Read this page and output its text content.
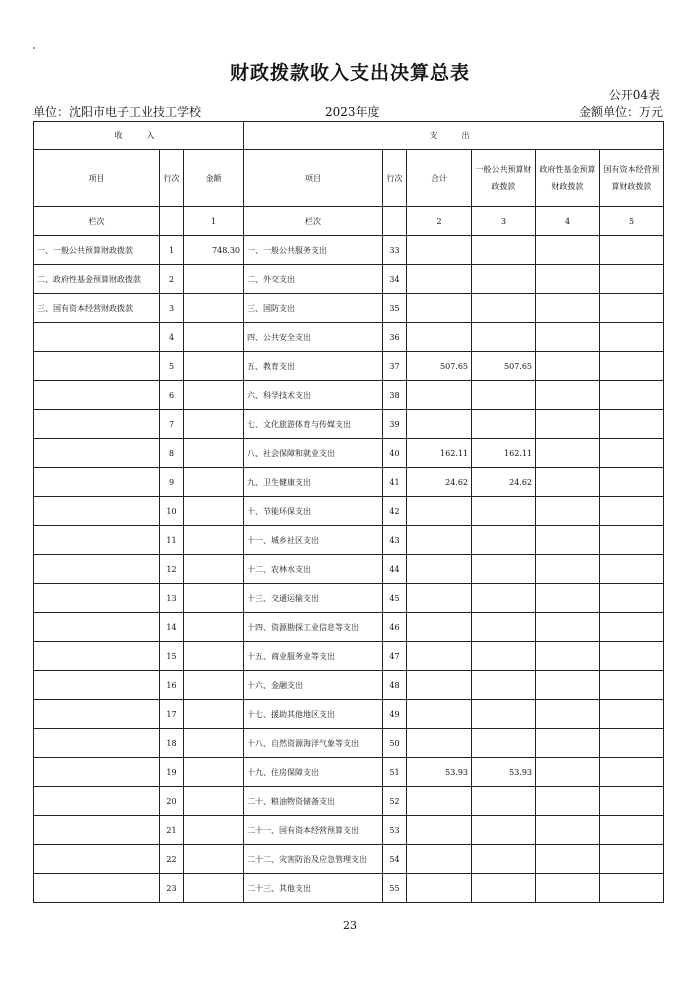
财政拨款收入支出决算总表
公开04表
单位：沈阳市电子工业技工学校	2023年度	金额单位：万元
收　入			支　出					
项目	行次	金额	项目	行次	合计	一般公共预算财政拨款	政府性基金预算财政拨款	国有资本经营预算财政拨款
栏次		1	栏次		2	3	4	5
一、一般公共预算财政拨款	1	748.30	一、一般公共服务支出	33				
二、政府性基金预算财政拨款	2		二、外交支出	34				
三、国有资本经营财政拨款	3		三、国防支出	35				
	4		四、公共安全支出	36				
	5		五、教育支出	37	507.65	507.65		
	6		六、科学技术支出	38				
	7		七、文化旅游体育与传媒支出	39				
	8		八、社会保障和就业支出	40	162.11	162.11		
	9		九、卫生健康支出	41	24.62	24.62		
	10		十、节能环保支出	42				
	11		十一、城乡社区支出	43				
	12		十二、农林水支出	44				
	13		十三、交通运输支出	45				
	14		十四、资源勘探工业信息等支出	46				
	15		十五、商业服务业等支出	47				
	16		十六、金融支出	48				
	17		十七、援助其他地区支出	49				
	18		十八、自然资源海洋气象等支出	50				
	19		十九、住房保障支出	51	53.93	53.93		
	20		二十、粮油物资储备支出	52				
	21		二十一、国有资本经营预算支出	53				
	22		二十二、灾害防治及应急管理支出	54				
	23		二十三、其他支出	55				
23
